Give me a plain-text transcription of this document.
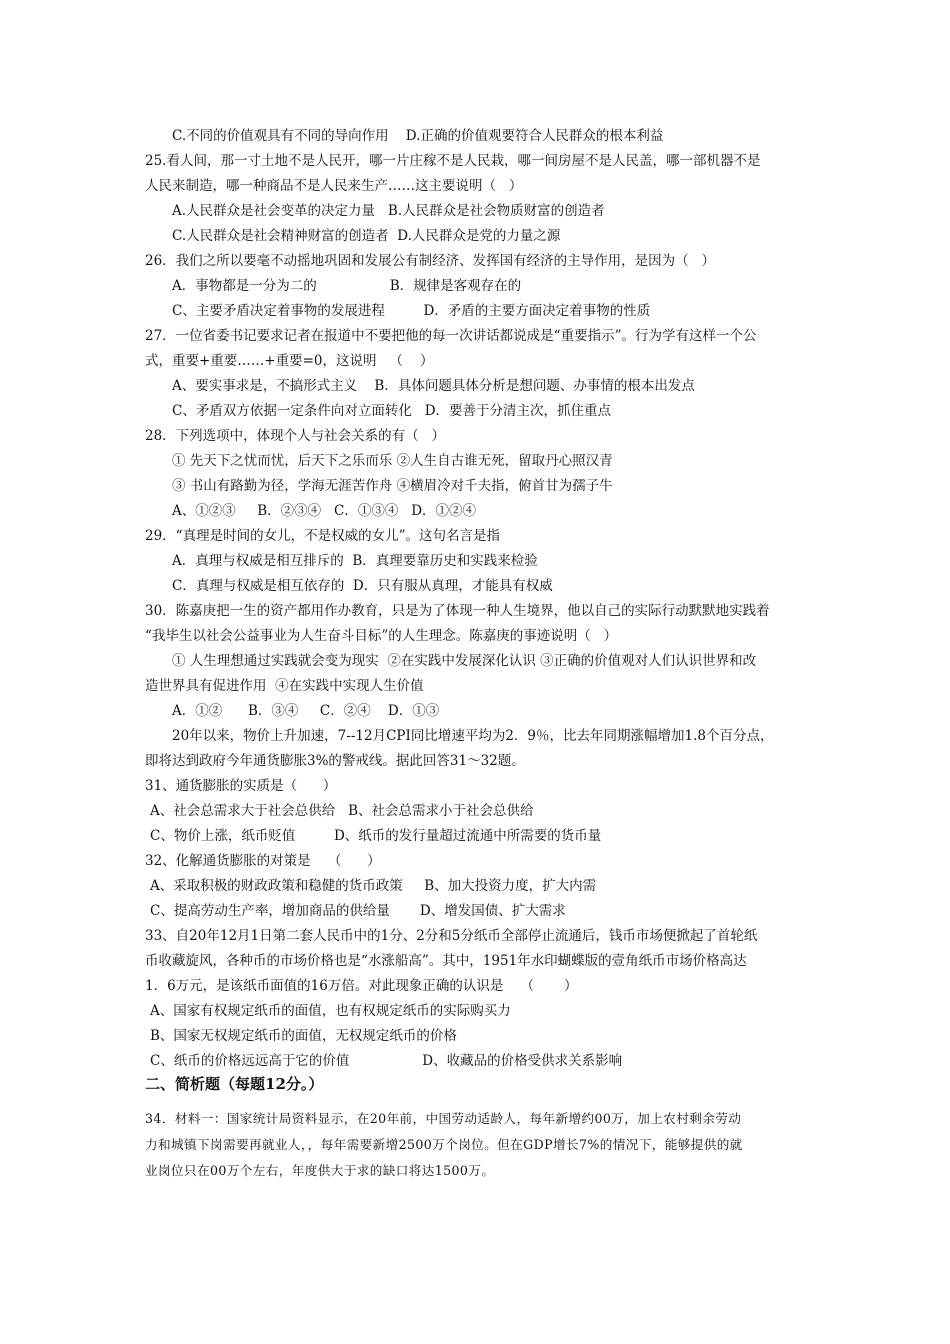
C.不同的价值观具有不同的导向作用    D.正确的价值观要符合人民群众的根本利益
25.看人间，那一寸土地不是人民开，哪一片庄稼不是人民栽，哪一间房屋不是人民盖，哪一部机器不是
人民来制造，哪一种商品不是人民来生产……这主要说明（   ）
A.人民群众是社会变革的决定力量   B.人民群众是社会物质财富的创造者
C.人民群众是社会精神财富的创造者  D.人民群众是党的力量之源
26．我们之所以要毫不动摇地巩固和发展公有制经济、发挥国有经济的主导作用，是因为（   ）
A．事物都是一分为二的                 B．规律是客观存在的
C、主要矛盾决定着事物的发展进程         D．矛盾的主要方面决定着事物的性质
27．一位省委书记要求记者在报道中不要把他的每一次讲话都说成是“重要指示”。行为学有这样一个公
式，重要+重要……+重要=0，这说明   （    ）
A、要实事求是，不搞形式主义    B．具体问题具体分析是想问题、办事情的根本出发点
C、矛盾双方依据一定条件向对立面转化   D．要善于分清主次，抓住重点
28．下列选项中，体现个人与社会关系的有（   ）
① 先天下之忧而忧，后天下之乐而乐 ②人生自古谁无死，留取丹心照汉青
③ 书山有路勤为径，学海无涯苦作舟 ④横眉冷对千夫指，俯首甘为孺子牛
A、①②③     B．②③④   C．①③④   D．①②④
29．“真理是时间的女儿，不是权威的女儿”。这句名言是指
A．真理与权威是相互排斥的  B．真理要靠历史和实践来检验
C．真理与权威是相互依存的  D．只有服从真理，才能具有权威
30．陈嘉庚把一生的资产都用作办教育，只是为了体现一种人生境界，他以自己的实际行动默默地实践着
“我毕生以社会公益事业为人生奋斗目标”的人生理念。陈嘉庚的事迹说明（   ）
① 人生理想通过实践就会变为现实  ②在实践中发展深化认识 ③正确的价值观对人们认识世界和改
造世界具有促进作用  ④在实践中实现人生价值
A．①②      B．③④     C．②④    D．①③
20年以来，物价上升加速，7--12月CPI同比增速平均为2．9％，比去年同期涨幅增加1.8个百分点，
即将达到政府今年通货膨胀3%的警戒线。据此回答31～32题。
31、通货膨胀的实质是（      ）
A、社会总需求大于社会总供给   B、社会总需求小于社会总供给
C、物价上涨，纸币贬值         D、纸币的发行量超过流通中所需要的货币量
32、化解通货膨胀的对策是    （      ）
A、采取积极的财政政策和稳健的货币政策     B、加大投资力度，扩大内需
C、提高劳动生产率，增加商品的供给量       D、增发国债、扩大需求
33、自20年12月1日第二套人民币中的1分、2分和5分纸币全部停止流通后，钱币市场便掀起了首轮纸
币收藏旋风，各种币的市场价格也是“水涨船高”。其中，1951年水印蝴蝶版的壹角纸币市场价格高达
1．6万元，是该纸币面值的16万倍。对此现象正确的认识是    （       ）
A、国家有权规定纸币的面值，也有权规定纸币的实际购买力
B、国家无权规定纸币的面值，无权规定纸币的价格
C、纸币的价格远远高于它的价值                 D、收藏品的价格受供求关系影响
二、简析题（每题12分。）
34．材料一：国家统计局资料显示，在20年前，中国劳动适龄人，每年新增约00万，加上农村剩余劳动
力和城镇下岗需要再就业人，，每年需要新增2500万个岗位。但在GDP增长7%的情况下，能够提供的就
业岗位只在00万个左右，年度供大于求的缺口将达1500万。
